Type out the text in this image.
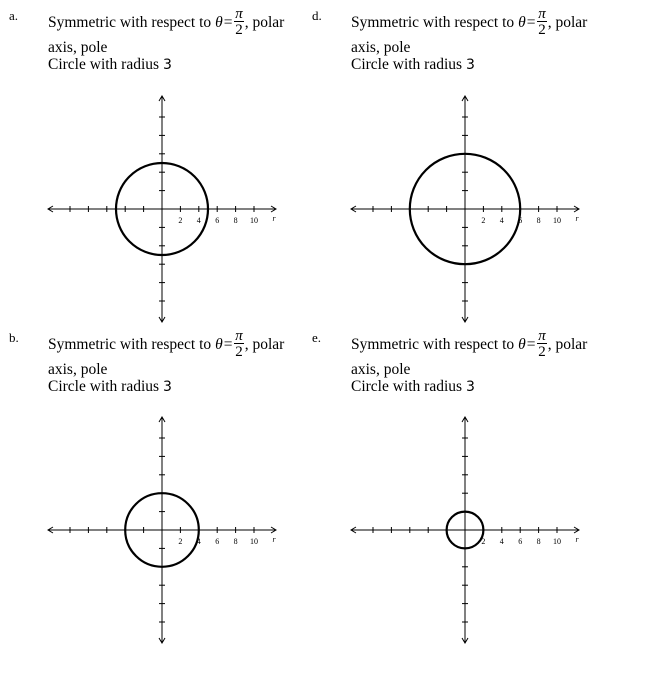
a. Symmetric with respect to $\theta= \frac{\pi}{2}$ , polar
axis, pole
Circle with radius 3
2 4 6 8 10 r
d. Symmetric with respect to $\theta= \frac{\pi}{2}$ , polar
axis, pole
Circle with radius 3
2 4 6 8 10 r
b. Symmetric with respect to $\theta= \frac{\pi}{2}$ , polar
axis, pole
Circle with radius 3
2 4 6 8 10 r
e. Symmetric with respect to $\theta= \frac{\pi}{2}$ , polar
axis, pole
Circle with radius 3
2 4 6 8 10 r
